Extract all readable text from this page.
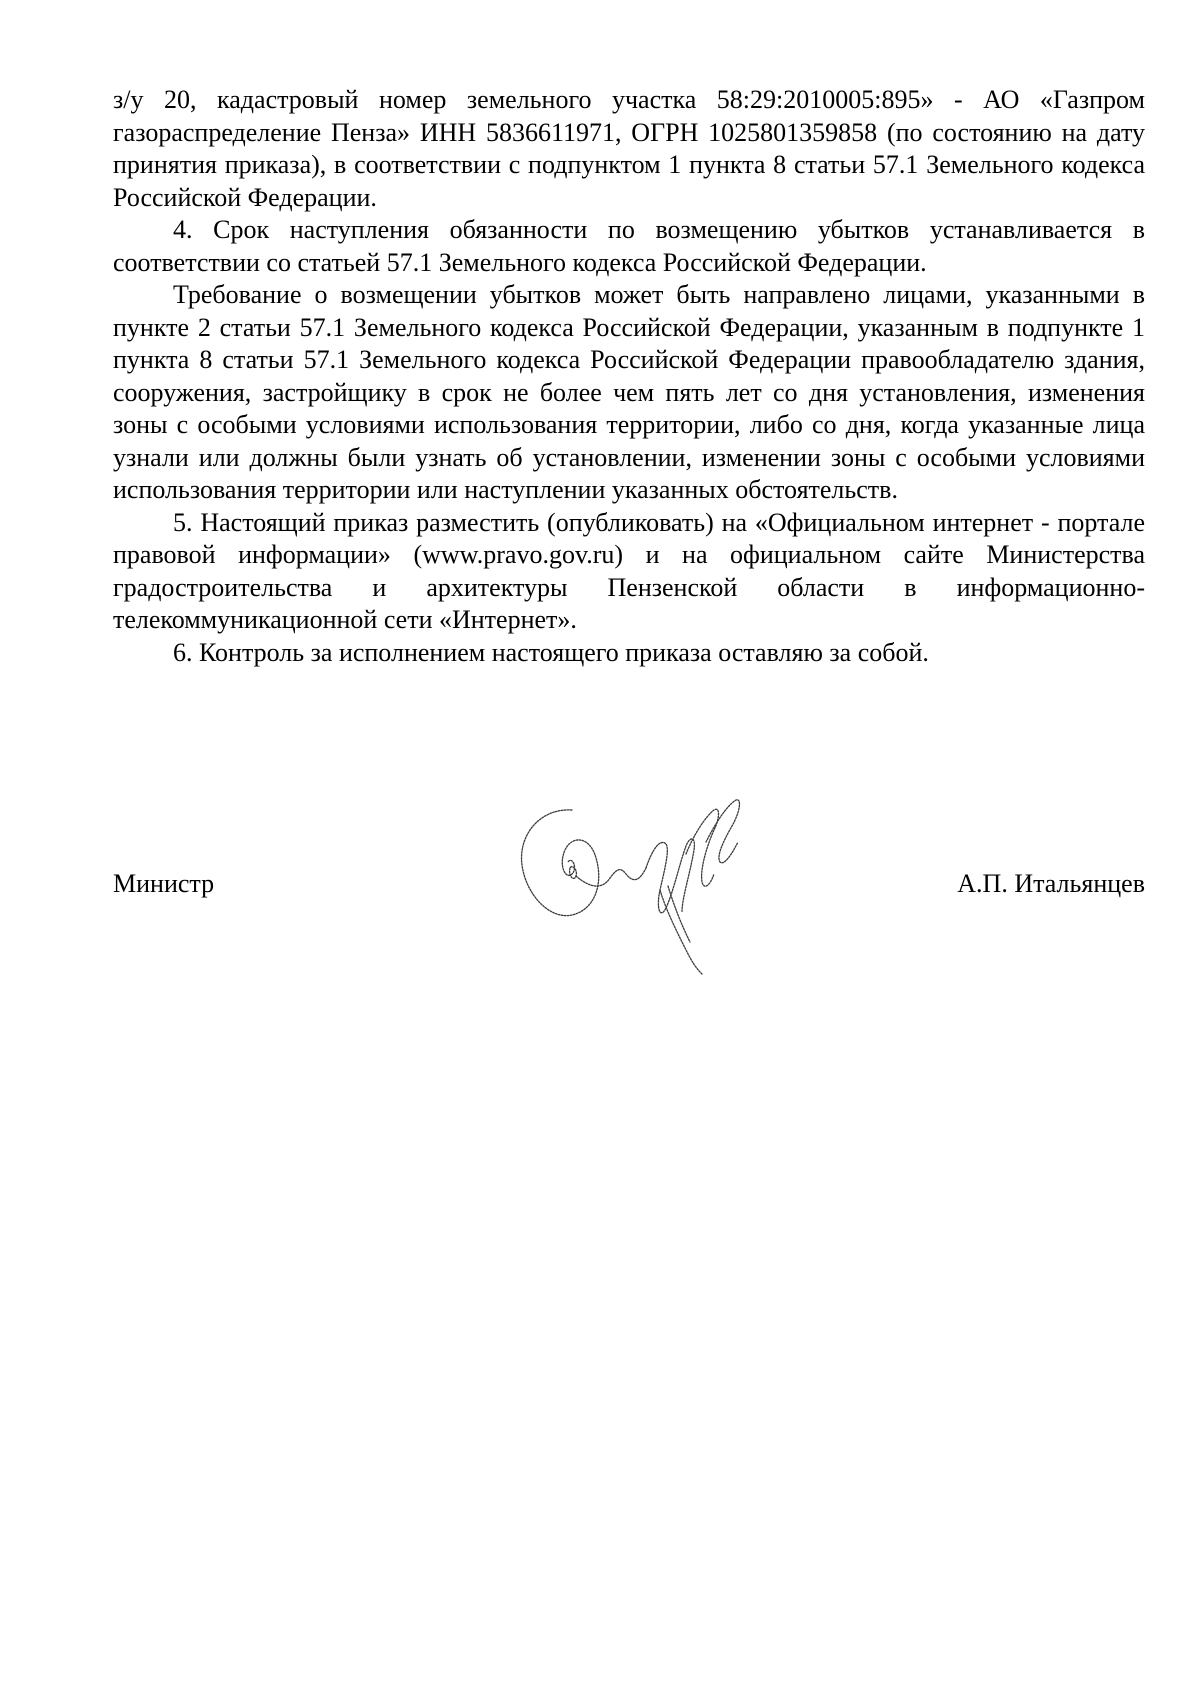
з/у 20, кадастровый номер земельного участка 58:29:2010005:895» - АО «Газпром газораспределение Пенза» ИНН 5836611971, ОГРН 1025801359858 (по состоянию на дату принятия приказа), в соответствии с подпунктом 1 пункта 8 статьи 57.1 Земельного кодекса Российской Федерации.

4. Срок наступления обязанности по возмещению убытков устанавливается в соответствии со статьей 57.1 Земельного кодекса Российской Федерации.

Требование о возмещении убытков может быть направлено лицами, указанными в пункте 2 статьи 57.1 Земельного кодекса Российской Федерации, указанным в подпункте 1 пункта 8 статьи 57.1 Земельного кодекса Российской Федерации правообладателю здания, сооружения, застройщику в срок не более чем пять лет со дня установления, изменения зоны с особыми условиями использования территории, либо со дня, когда указанные лица узнали или должны были узнать об установлении, изменении зоны с особыми условиями использования территории или наступлении указанных обстоятельств.

5. Настоящий приказ разместить (опубликовать) на «Официальном интернет - портале правовой информации» (www.pravo.gov.ru) и на официальном сайте Министерства градостроительства и архитектуры Пензенской области в информационно-телекоммуникационной сети «Интернет».

6. Контроль за исполнением настоящего приказа оставляю за собой.

Министр	А.П. Итальянцев
